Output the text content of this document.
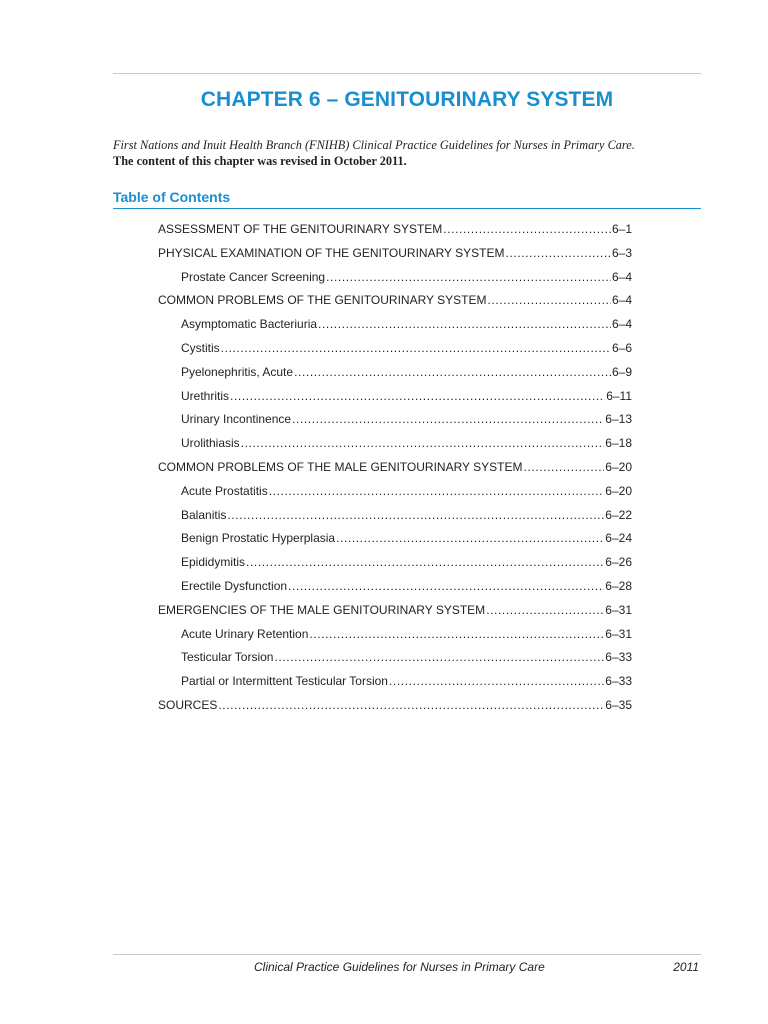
CHAPTER 6 – GENITOURINARY SYSTEM
First Nations and Inuit Health Branch (FNIHB) Clinical Practice Guidelines for Nurses in Primary Care.
The content of this chapter was revised in October 2011.
Table of Contents
ASSESSMENT OF THE GENITOURINARY SYSTEM .....	6–1
PHYSICAL EXAMINATION OF THE GENITOURINARY SYSTEM .....	6–3
Prostate Cancer Screening .....	6–4
COMMON PROBLEMS OF THE GENITOURINARY SYSTEM .....	6–4
Asymptomatic Bacteriuria .....	6–4
Cystitis .....	6–6
Pyelonephritis, Acute .....	6–9
Urethritis .....	6–11
Urinary Incontinence .....	6–13
Urolithiasis .....	6–18
COMMON PROBLEMS OF THE MALE GENITOURINARY SYSTEM .....	6–20
Acute Prostatitis .....	6–20
Balanitis .....	6–22
Benign Prostatic Hyperplasia .....	6–24
Epididymitis .....	6–26
Erectile Dysfunction .....	6–28
EMERGENCIES OF THE MALE GENITOURINARY SYSTEM .....	6–31
Acute Urinary Retention .....	6–31
Testicular Torsion .....	6–33
Partial or Intermittent Testicular Torsion .....	6–33
SOURCES .....	6–35
Clinical Practice Guidelines for Nurses in Primary Care	2011
